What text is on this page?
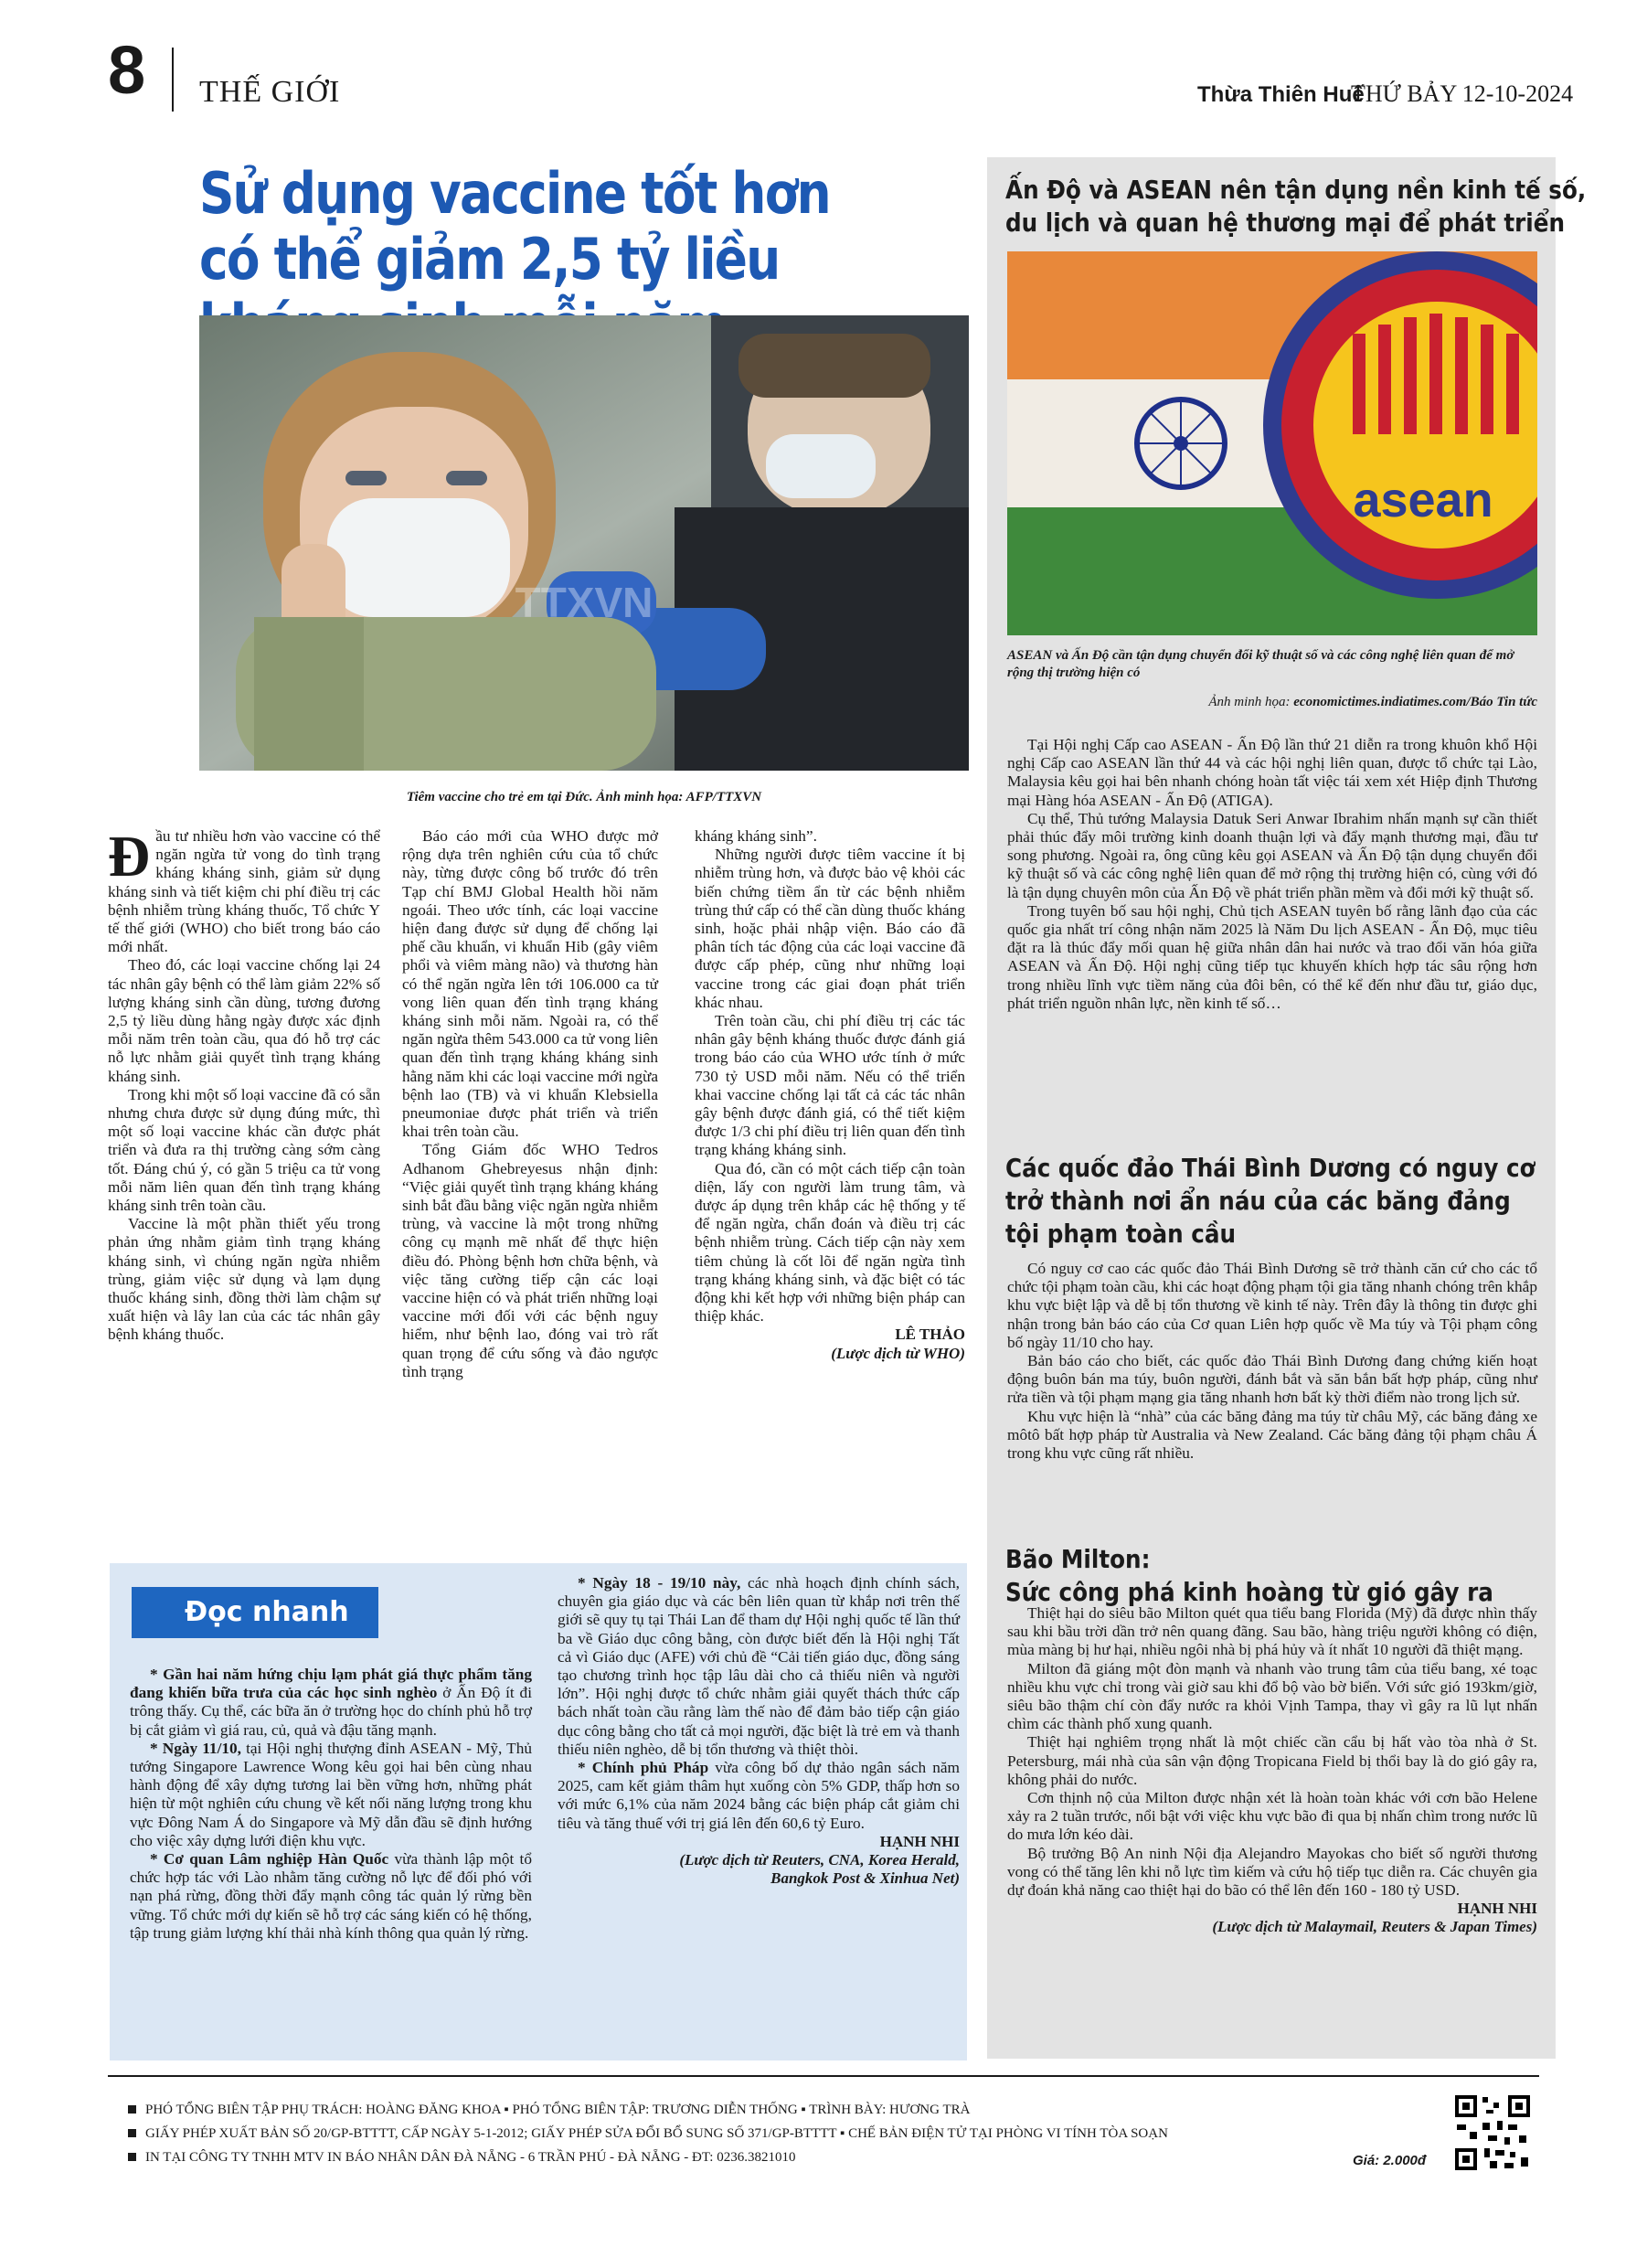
8 THẾ GIỚI	Thừa Thiên Huế
THỨ BẢY 12-10-2024
Sử dụng vaccine tốt hơn có thể giảm 2,5 tỷ liều
TTXVN
Tiêm vaccine cho trẻ em tại Đức. Ảnh minh họa: AFP/TTXVN
Đ ầu tư nhiều hơn vào vaccine có thể ngăn ngừa tử vong do tình trạng kháng kháng sinh, giảm sử dụng kháng sinh và tiết kiệm chi phí điều trị các bệnh nhiễm trùng kháng thuốc, Tổ chức Y tế thế giới (WHO) cho biết trong báo cáo mới nhất.

Theo đó, các loại vaccine chống lại 24 tác nhân gây bệnh có thể làm giảm 22% số lượng kháng sinh cần dùng, tương đương 2,5 tỷ liều dùng hằng ngày được xác định mỗi năm trên toàn cầu, qua đó hỗ trợ các nỗ lực nhằm giải quyết tình trạng kháng kháng sinh.

Trong khi một số loại vaccine đã có sẵn nhưng chưa được sử dụng đúng mức, thì một số loại vaccine khác cần được phát triển và đưa ra thị trường càng sớm càng tốt. Đáng chú ý, có gần 5 triệu ca tử vong mỗi năm liên quan đến tình trạng kháng kháng sinh trên toàn cầu.

Vaccine là một phần thiết yếu trong phản ứng nhằm giảm tình trạng kháng kháng sinh, vì chúng ngăn ngừa nhiễm trùng, giảm việc sử dụng và lạm dụng thuốc kháng sinh, đồng thời làm chậm sự xuất hiện và lây lan của các tác nhân gây bệnh kháng thuốc.

Báo cáo mới của WHO được mở rộng dựa trên nghiên cứu của tổ chức này, từng được công bố trước đó trên Tạp chí BMJ Global Health hồi năm ngoái. Theo ước tính, các loại vaccine hiện đang được sử dụng để chống lại phế cầu khuẩn, vi khuẩn Hib (gây viêm phổi và viêm màng não) và thương hàn có thể ngăn ngừa lên tới 106.000 ca tử vong liên quan đến tình trạng kháng kháng sinh mỗi năm. Ngoài ra, có thể ngăn ngừa thêm 543.000 ca tử vong liên quan đến tình trạng kháng kháng sinh hằng năm khi các loại vaccine mới ngừa bệnh lao (TB) và vi khuẩn Klebsiella pneumoniae được phát triển và triển khai trên toàn cầu.

Tổng Giám đốc WHO Tedros Adhanom Ghebreyesus nhận định: “Việc giải quyết tình trạng kháng kháng sinh bắt đầu bằng việc ngăn ngừa nhiễm trùng, và vaccine là một trong những công cụ mạnh mẽ nhất để thực hiện điều đó. Phòng bệnh hơn chữa bệnh, và việc tăng cường tiếp cận các loại vaccine hiện có và phát triển những loại vaccine mới đối với các bệnh nguy hiểm, như bệnh lao, đóng vai trò rất quan trọng để cứu sống và đảo ngược tình trạng

kháng kháng sinh”.

Những người được tiêm vaccine ít bị nhiễm trùng hơn, và được bảo vệ khỏi các biến chứng tiềm ẩn từ các bệnh nhiễm trùng thứ cấp có thể cần dùng thuốc kháng sinh, hoặc phải nhập viện. Báo cáo đã phân tích tác động của các loại vaccine đã được cấp phép, cũng như những loại vaccine trong các giai đoạn phát triển khác nhau.

Trên toàn cầu, chi phí điều trị các tác nhân gây bệnh kháng thuốc được đánh giá trong báo cáo của WHO ước tính ở mức 730 tỷ USD mỗi năm. Nếu có thể triển khai vaccine chống lại tất cả các tác nhân gây bệnh được đánh giá, có thể tiết kiệm được 1/3 chi phí điều trị liên quan đến tình trạng kháng kháng sinh.

Qua đó, cần có một cách tiếp cận toàn diện, lấy con người làm trung tâm, và được áp dụng trên khắp các hệ thống y tế để ngăn ngừa, chẩn đoán và điều trị các bệnh nhiễm trùng. Cách tiếp cận này xem tiêm chủng là cốt lõi để ngăn ngừa tình trạng kháng kháng sinh, và đặc biệt có tác động khi kết hợp với những biện pháp can thiệp khác.

LÊ THẢO

(Lược dịch từ WHO)

Ấn Độ và ASEAN nên tận dụng nền kinh tế số,
du lịch và quan hệ thương mại để phát triển
asean
ASEAN và Ấn Độ cần tận dụng chuyển đổi kỹ thuật số và các công nghệ liên quan để mở rộng thị trường hiện có
Ảnh minh họa: economictimes.indiatimes.com/Báo Tin tức

Tại Hội nghị Cấp cao ASEAN - Ấn Độ lần thứ 21 diễn ra trong khuôn khổ Hội nghị Cấp cao ASEAN lần thứ 44 và các hội nghị liên quan, được tổ chức tại Lào, Malaysia kêu gọi hai bên nhanh chóng hoàn tất việc tái xem xét Hiệp định Thương mại Hàng hóa ASEAN - Ấn Độ (ATIGA).

Cụ thể, Thủ tướng Malaysia Datuk Seri Anwar Ibrahim nhấn mạnh sự cần thiết phải thúc đẩy môi trường kinh doanh thuận lợi và đẩy mạnh thương mại, đầu tư song phương. Ngoài ra, ông cũng kêu gọi ASEAN và Ấn Độ tận dụng chuyển đổi kỹ thuật số và các công nghệ liên quan để mở rộng thị trường hiện có, cùng với đó là tận dụng chuyên môn của Ấn Độ về phát triển phần mềm và đổi mới kỹ thuật số.

Trong tuyên bố sau hội nghị, Chủ tịch ASEAN tuyên bố rằng lãnh đạo của các quốc gia nhất trí công nhận năm 2025 là Năm Du lịch ASEAN - Ấn Độ, mục tiêu đặt ra là thúc đẩy mối quan hệ giữa nhân dân hai nước và trao đổi văn hóa giữa ASEAN và Ấn Độ. Hội nghị cũng tiếp tục khuyến khích hợp tác sâu rộng hơn trong nhiều lĩnh vực tiềm năng của đôi bên, có thể kể đến như đầu tư, giáo dục, phát triển nguồn nhân lực, nền kinh tế số…

Các quốc đảo Thái Bình Dương có nguy cơ
trở thành nơi ẩn náu của các băng đảng
tội phạm toàn cầu

Có nguy cơ cao các quốc đảo Thái Bình Dương sẽ trở thành căn cứ cho các tổ chức tội phạm toàn cầu, khi các hoạt động phạm tội gia tăng nhanh chóng trên khắp khu vực biệt lập và dễ bị tổn thương về kinh tế này. Trên đây là thông tin được ghi nhận trong bản báo cáo của Cơ quan Liên hợp quốc về Ma túy và Tội phạm công bố ngày 11/10 cho hay.

Bản báo cáo cho biết, các quốc đảo Thái Bình Dương đang chứng kiến hoạt động buôn bán ma túy, buôn người, đánh bắt và săn bắn bất hợp pháp, cũng như rửa tiền và tội phạm mạng gia tăng nhanh hơn bất kỳ thời điểm nào trong lịch sử.

Khu vực hiện là “nhà” của các băng đảng ma túy từ châu Mỹ, các băng đảng xe môtô bất hợp pháp từ Australia và New Zealand. Các băng đảng tội phạm châu Á trong khu vực cũng rất nhiều.

Bão Milton:
Sức công phá kinh hoàng từ gió gây ra

Thiệt hại do siêu bão Milton quét qua tiểu bang Florida (Mỹ) đã được nhìn thấy sau khi bầu trời dần trở nên quang đãng. Sau bão, hàng triệu người không có điện, mùa màng bị hư hại, nhiều ngôi nhà bị phá hủy và ít nhất 10 người đã thiệt mạng.

Milton đã giáng một đòn mạnh và nhanh vào trung tâm của tiểu bang, xé toạc nhiều khu vực chỉ trong vài giờ sau khi đổ bộ vào bờ biển. Với sức gió 193km/giờ, siêu bão thậm chí còn đẩy nước ra khỏi Vịnh Tampa, thay vì gây ra lũ lụt nhấn chìm các thành phố xung quanh.

Thiệt hại nghiêm trọng nhất là một chiếc cần cẩu bị hất vào tòa nhà ở St. Petersburg, mái nhà của sân vận động Tropicana Field bị thổi bay là do gió gây ra, không phải do nước.

Cơn thịnh nộ của Milton được nhận xét là hoàn toàn khác với cơn bão Helene xảy ra 2 tuần trước, nổi bật với việc khu vực bão đi qua bị nhấn chìm trong nước lũ do mưa lớn kéo dài.

Bộ trưởng Bộ An ninh Nội địa Alejandro Mayokas cho biết số người thương vong có thể tăng lên khi nỗ lực tìm kiếm và cứu hộ tiếp tục diễn ra. Các chuyên gia dự đoán khả năng cao thiệt hại do bão có thể lên đến 160 - 180 tỷ USD.

HẠNH NHI

(Lược dịch từ Malaymail, Reuters & Japan Times)

Đọc nhanh

* Gần hai năm hứng chịu lạm phát giá thực phẩm tăng đang khiến bữa trưa của các học sinh nghèo ở Ấn Độ ít đi trông thấy. Cụ thể, các bữa ăn ở trường học do chính phủ hỗ trợ bị cắt giảm vì giá rau, củ, quả và đậu tăng mạnh.

* Ngày 11/10, tại Hội nghị thượng đỉnh ASEAN - Mỹ, Thủ tướng Singapore Lawrence Wong kêu gọi hai bên cùng nhau hành động để xây dựng tương lai bền vững hơn, những phát hiện từ một nghiên cứu chung về kết nối năng lượng trong khu vực Đông Nam Á do Singapore và Mỹ dẫn đầu sẽ định hướng cho việc xây dựng lưới điện khu vực.

* Cơ quan Lâm nghiệp Hàn Quốc vừa thành lập một tổ chức hợp tác với Lào nhằm tăng cường nỗ lực để đối phó với nạn phá rừng, đồng thời đẩy mạnh công tác quản lý rừng bền vững. Tổ chức mới dự kiến sẽ hỗ trợ các sáng kiến có hệ thống, tập trung giảm lượng khí thải nhà kính thông qua quản lý rừng.

* Ngày 18 - 19/10 này, các nhà hoạch định chính sách, chuyên gia giáo dục và các bên liên quan từ khắp nơi trên thế giới sẽ quy tụ tại Thái Lan để tham dự Hội nghị quốc tế lần thứ ba về Giáo dục công bằng, còn được biết đến là Hội nghị Tất cả vì Giáo dục (AFE) với chủ đề “Cải tiến giáo dục, đồng sáng tạo chương trình học tập lâu dài cho cả thiếu niên và người lớn”. Hội nghị được tổ chức nhằm giải quyết thách thức cấp bách nhất toàn cầu rằng làm thế nào để đảm bảo tiếp cận giáo dục công bằng cho tất cả mọi người, đặc biệt là trẻ em và thanh thiếu niên nghèo, dễ bị tổn thương và thiệt thòi.

* Chính phủ Pháp vừa công bố dự thảo ngân sách năm 2025, cam kết giảm thâm hụt xuống còn 5% GDP, thấp hơn so với mức 6,1% của năm 2024 bằng các biện pháp cắt giảm chi tiêu và tăng thuế với trị giá lên đến 60,6 tỷ Euro.

HẠNH NHI

(Lược dịch từ Reuters, CNA, Korea Herald,

Bangkok Post & Xinhua Net)

PHÓ TỔNG BIÊN TẬP PHỤ TRÁCH: HOÀNG ĐĂNG KHOA ▪ PHÓ TỔNG BIÊN TẬP: TRƯƠNG DIỄN THỐNG ▪ TRÌNH BÀY: HƯƠNG TRÀ
GIẤY PHÉP XUẤT BẢN SỐ 20/GP-BTTTT, CẤP NGÀY 5-1-2012; GIẤY PHÉP SỬA ĐỔI BỔ SUNG SỐ 371/GP-BTTTT ▪ CHẾ BẢN ĐIỆN TỬ TẠI PHÒNG VI TÍNH TÒA SOẠN
IN TẠI CÔNG TY TNHH MTV IN BÁO NHÂN DÂN ĐÀ NẴNG - 6 TRẦN PHÚ - ĐÀ NẴNG - ĐT: 0236.3821010	Giá: 2.000đ
